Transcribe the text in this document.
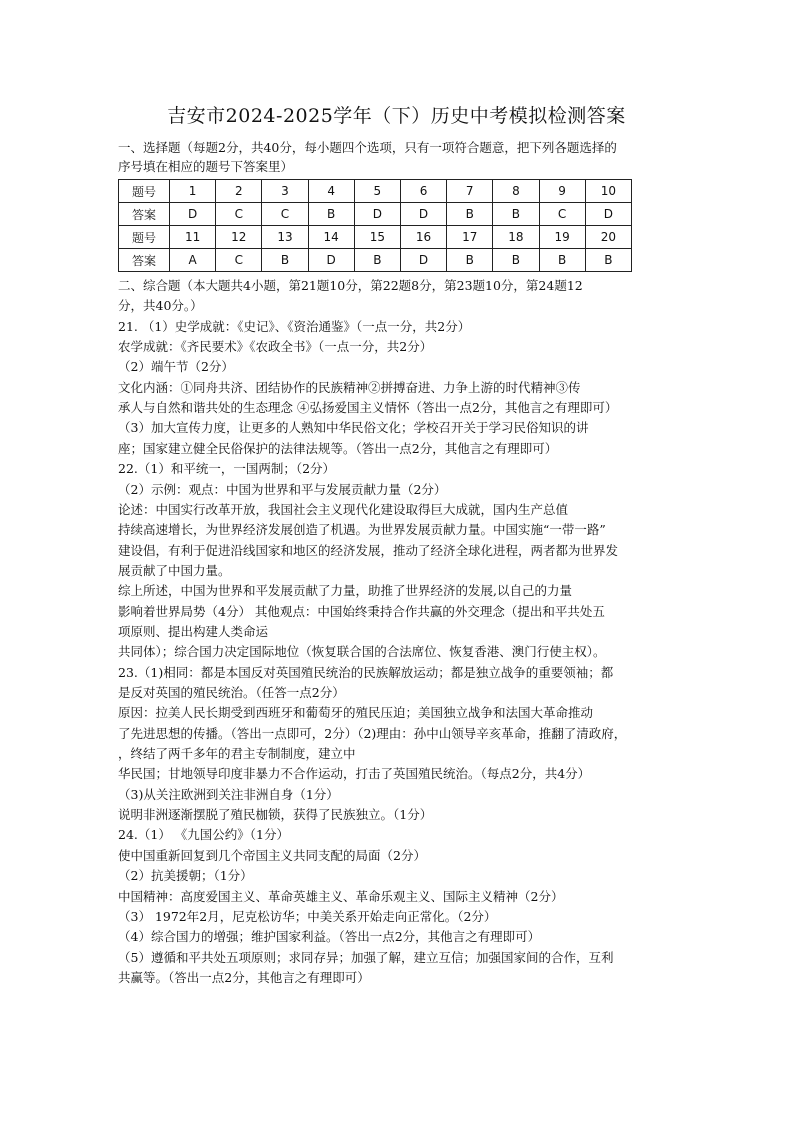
吉安市2024-2025学年（下）历史中考模拟检测答案
一、选择题（每题2分，共40分，每小题四个选项，只有一项符合题意，把下列各题选择的
序号填在相应的题号下答案里）
题号	1	2	3	4	5	6	7	8	9	10
答案	D	C	C	B	D	D	B	B	C	D
题号	11	12	13	14	15	16	17	18	19	20
答案	A	C	B	D	B	D	B	B	B	B
二、综合题（本大题共4小题，第21题10分，第22题8分，第23题10分，第24题12
分，共40分。）
21. （1）史学成就：《史记》、《资治通鉴》（一点一分，共2分）
农学成就：《齐民要术》《农政全书》（一点一分，共2分）
（2）端午节（2分）
文化内涵：①同舟共济、团结协作的民族精神②拼搏奋进、力争上游的时代精神③传
承人与自然和谐共处的生态理念 ④弘扬爱国主义情怀（答出一点2分，其他言之有理即可）
（3）加大宣传力度，让更多的人熟知中华民俗文化；学校召开关于学习民俗知识的讲
座；国家建立健全民俗保护的法律法规等。（答出一点2分，其他言之有理即可）
22.（1）和平统一，一国两制；（2分）
（2）示例：观点：中国为世界和平与发展贡献力量（2分）
论述：中国实行改革开放，我国社会主义现代化建设取得巨大成就，国内生产总值
持续高速增长，为世界经济发展创造了机遇。为世界发展贡献力量。中国实施“一带一路”
建设倡，有利于促进沿线国家和地区的经济发展，推动了经济全球化进程，两者都为世界发
展贡献了中国力量。
综上所述，中国为世界和平发展贡献了力量，助推了世界经济的发展,以自己的力量
影响着世界局势（4分） 其他观点：中国始终秉持合作共赢的外交理念（提出和平共处五
项原则、提出构建人类命运
共同体）；综合国力决定国际地位（恢复联合国的合法席位、恢复香港、澳门行使主权）。
23.（1)相同：都是本国反对英国殖民统治的民族解放运动；都是独立战争的重要领袖；都
是反对英国的殖民统治。（任答一点2分）
原因：拉美人民长期受到西班牙和葡萄牙的殖民压迫；美国独立战争和法国大革命推动
了先进思想的传播。（答出一点即可，2分）（2)理由：孙中山领导辛亥革命，推翻了清政府，
，终结了两千多年的君主专制制度，建立中
华民国；甘地领导印度非暴力不合作运动，打击了英国殖民统治。（每点2分，共4分）
（3)从关注欧洲到关注非洲自身（1分）
说明非洲逐渐摆脱了殖民枷锁，获得了民族独立。（1分）
24.（1） 《九国公约》（1分）
使中国重新回复到几个帝国主义共同支配的局面（2分）
（2）抗美援朝；（1分）
中国精神：高度爱国主义、革命英雄主义、革命乐观主义、国际主义精神（2分）
（3） 1972年2月，尼克松访华；中美关系开始走向正常化。（2分）
（4）综合国力的增强；维护国家利益。（答出一点2分，其他言之有理即可）
（5）遵循和平共处五项原则；求同存异；加强了解，建立互信；加强国家间的合作，互利
共赢等。（答出一点2分，其他言之有理即可）
